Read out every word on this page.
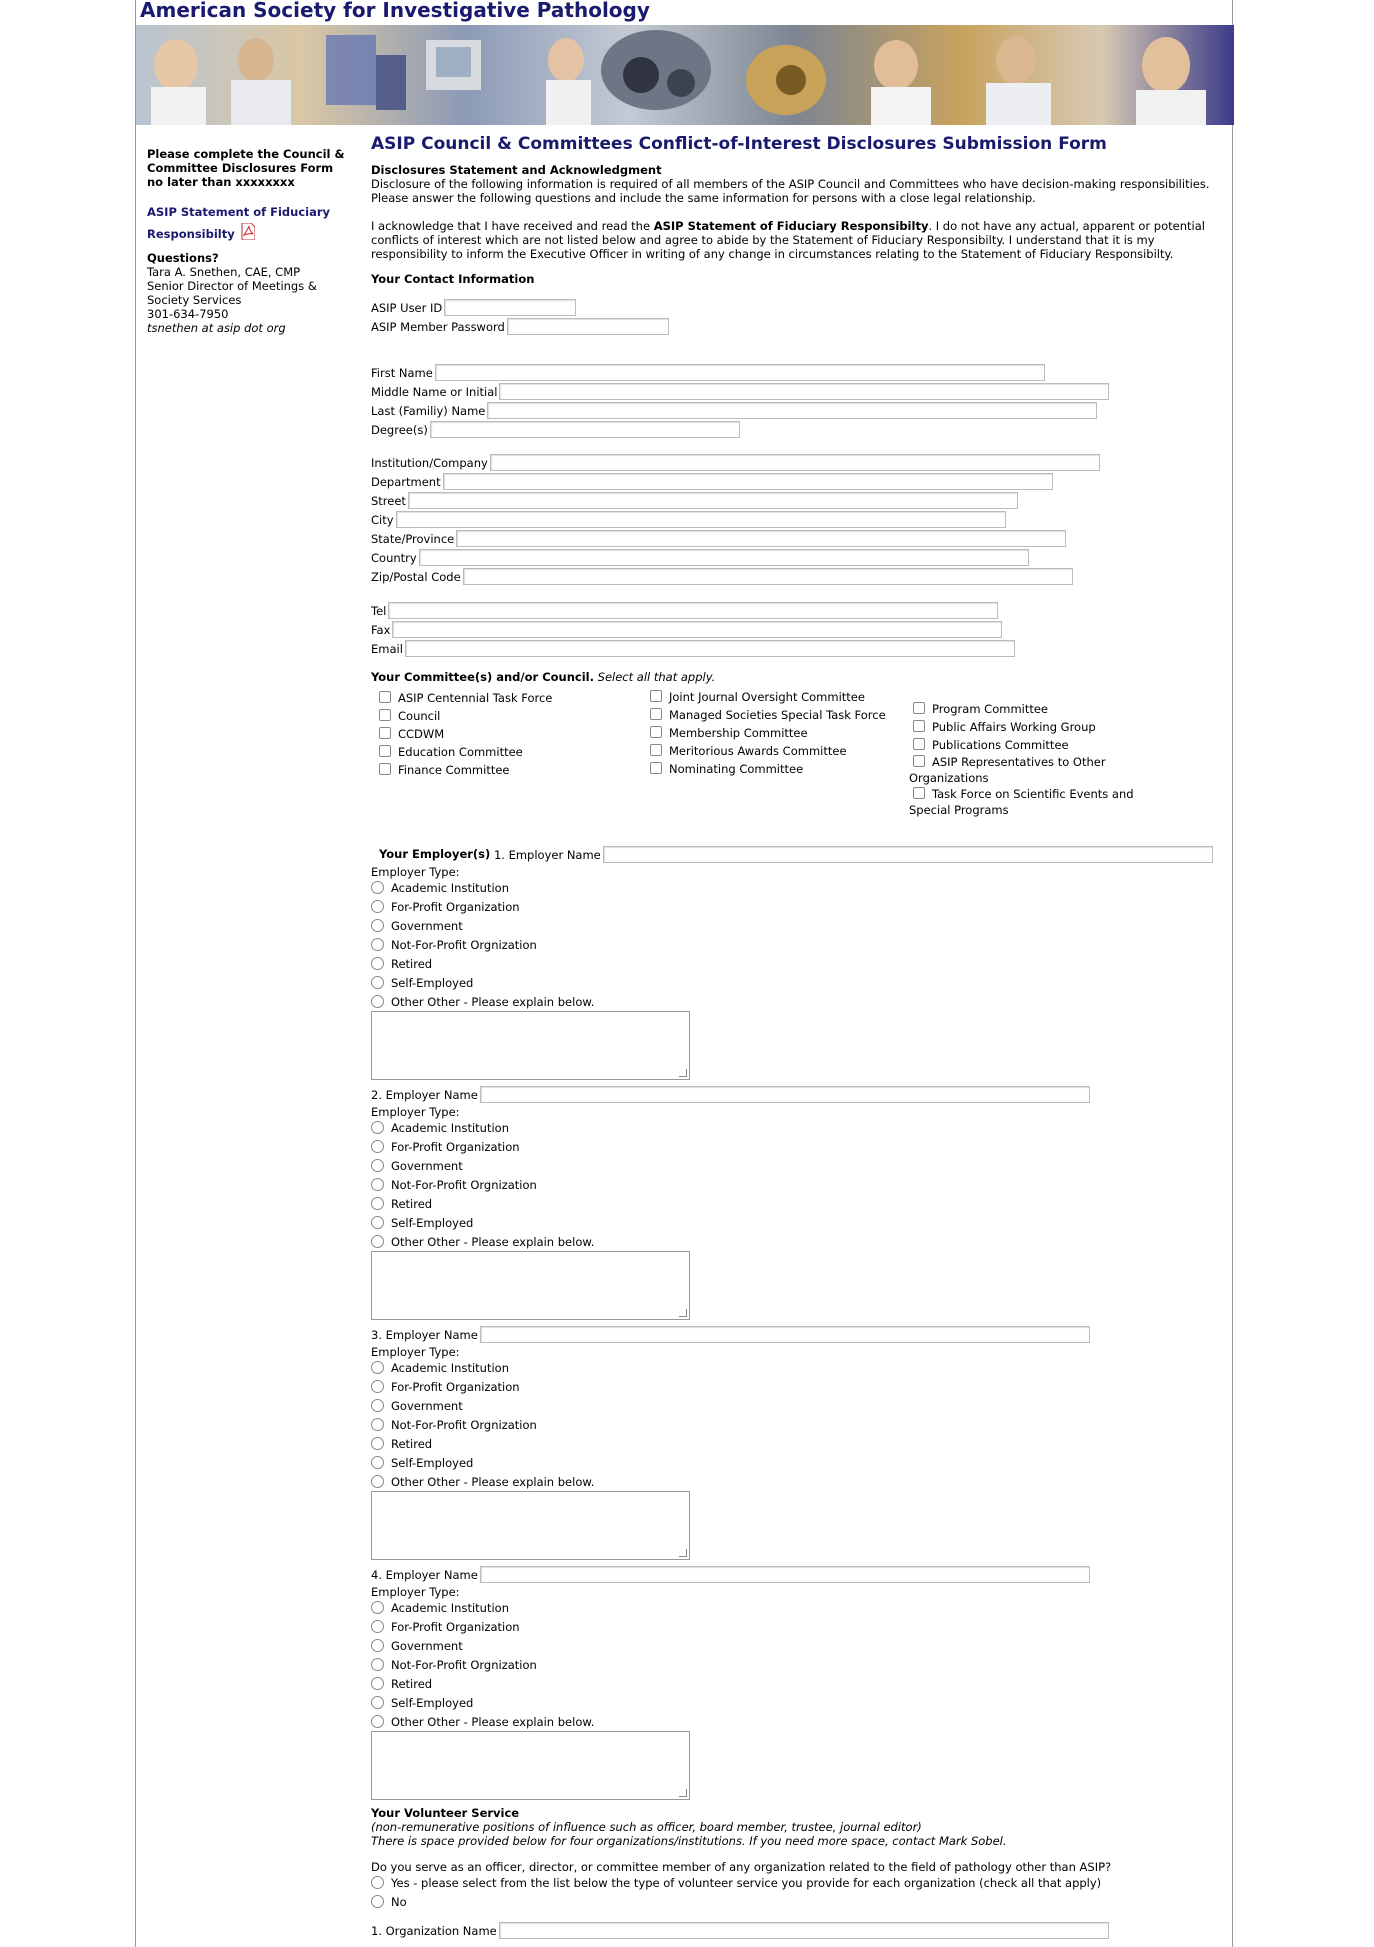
American Society for Investigative Pathology
Please complete the Council & Committee Disclosures Form no later than xxxxxxxx
ASIP Statement of Fiduciary Responsibilty
Questions?
Tara A. Snethen, CAE, CMP
Senior Director of Meetings &
Society Services
301-634-7950
tsnethen at asip dot org
ASIP Council & Committees Conflict-of-Interest Disclosures Submission Form
Disclosures Statement and Acknowledgment

Disclosure of the following information is required of all members of the ASIP Council and Committees who have decision-making responsibilities. Please answer the following questions and include the same information for persons with a close legal relationship.

I acknowledge that I have received and read the ASIP Statement of Fiduciary Responsibilty. I do not have any actual, apparent or potential conflicts of interest which are not listed below and agree to abide by the Statement of Fiduciary Responsibilty. I understand that it is my responsibility to inform the Executive Officer in writing of any change in circumstances relating to the Statement of Fiduciary Responsibilty.

Your Contact Information
ASIP User ID
ASIP Member Password
First Name
Middle Name or Initial
Last (Familiy) Name
Degree(s)
Institution/Company
Department
Street
City
State/Province
Country
Zip/Postal Code
Tel
Fax
Email
Your Committee(s) and/or Council. Select all that apply.
ASIP Centennial Task Force
Council
CCDWM
Education Committee
Finance Committee
Joint Journal Oversight Committee
Managed Societies Special Task Force
Membership Committee
Meritorious Awards Committee
Nominating Committee
Program Committee
Public Affairs Working Group
Publications Committee
ASIP Representatives to Other
Organizations
Task Force on Scientific Events and
Special Programs
Your Employer(s) 1. Employer Name
Employer Type:
Academic Institution
For-Profit Organization
Government
Not-For-Profit Orgnization
Retired
Self-Employed
Other Other - Please explain below.
2. Employer Name
Employer Type:
Academic Institution
For-Profit Organization
Government
Not-For-Profit Orgnization
Retired
Self-Employed
Other Other - Please explain below.
3. Employer Name
Employer Type:
Academic Institution
For-Profit Organization
Government
Not-For-Profit Orgnization
Retired
Self-Employed
Other Other - Please explain below.
4. Employer Name
Employer Type:
Academic Institution
For-Profit Organization
Government
Not-For-Profit Orgnization
Retired
Self-Employed
Other Other - Please explain below.
Your Volunteer Service
(non-remunerative positions of influence such as officer, board member, trustee, journal editor)
There is space provided below for four organizations/institutions. If you need more space, contact Mark Sobel.
Do you serve as an officer, director, or committee member of any organization related to the field of pathology other than ASIP?
Yes - please select from the list below the type of volunteer service you provide for each organization (check all that apply)
No
1. Organization Name
